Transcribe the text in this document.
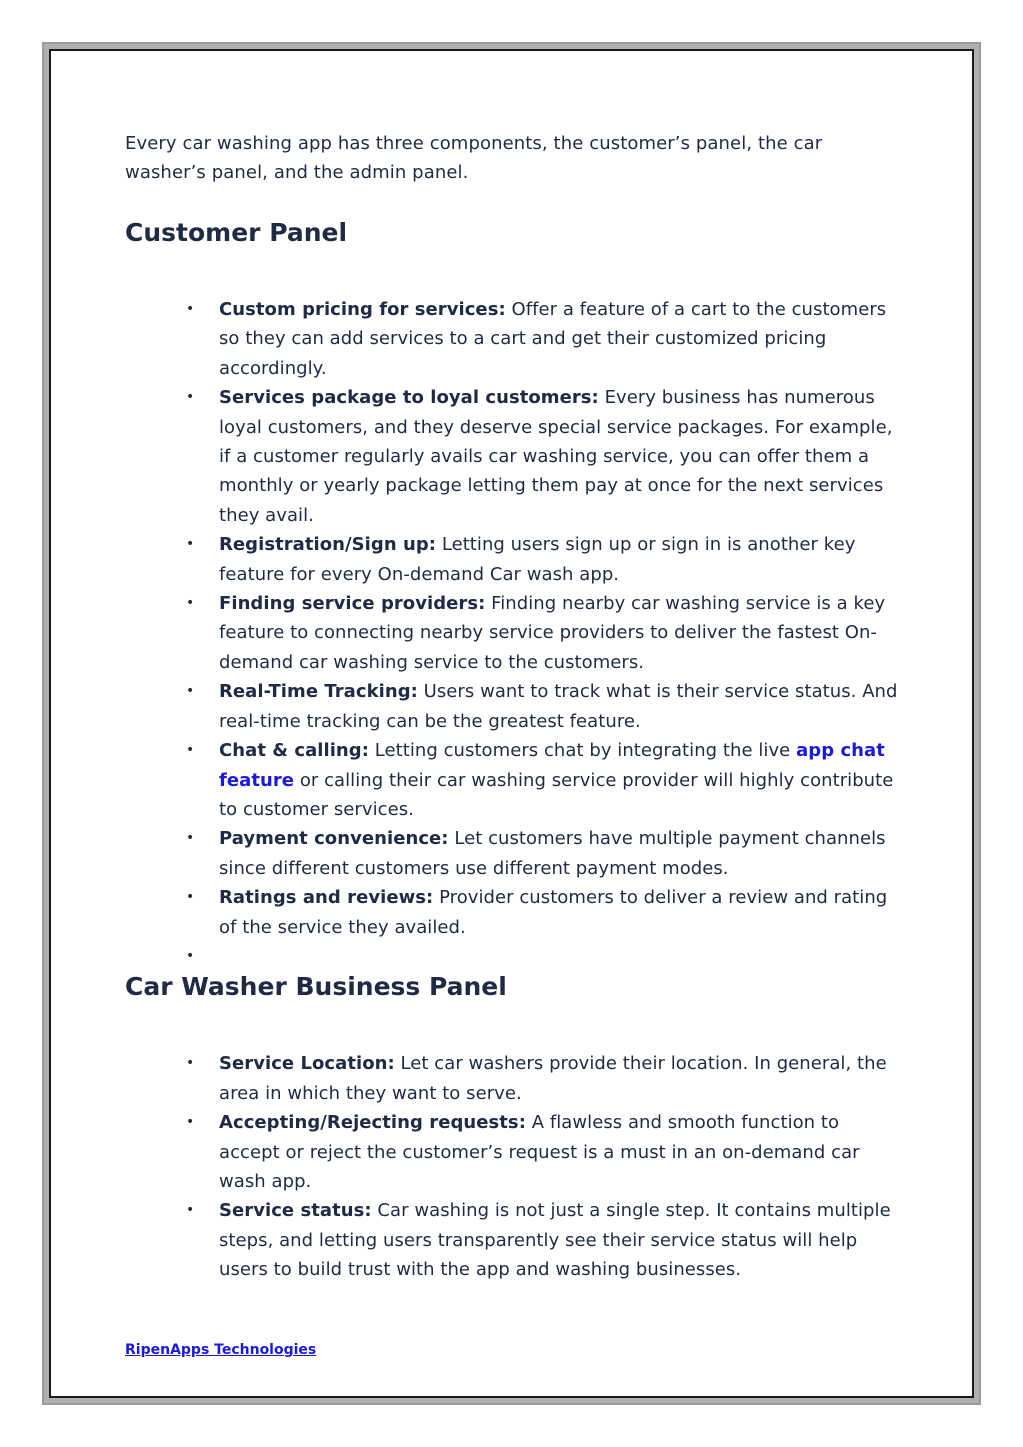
Every car washing app has three components, the customer’s panel, the car washer’s panel, and the admin panel.

Customer Panel
• Custom pricing for services: Offer a feature of a cart to the customers so they can add services to a cart and get their customized pricing accordingly.
• Services package to loyal customers: Every business has numerous loyal customers, and they deserve special service packages. For example, if a customer regularly avails car washing service, you can offer them a monthly or yearly package letting them pay at once for the next services they avail.
• Registration/Sign up: Letting users sign up or sign in is another key feature for every On-demand Car wash app.
• Finding service providers: Finding nearby car washing service is a key feature to connecting nearby service providers to deliver the fastest On-demand car washing service to the customers.
• Real-Time Tracking: Users want to track what is their service status. And real-time tracking can be the greatest feature.
• Chat & calling: Letting customers chat by integrating the live app chat feature or calling their car washing service provider will highly contribute to customer services.
• Payment convenience: Let customers have multiple payment channels since different customers use different payment modes.
• Ratings and reviews: Provider customers to deliver a review and rating of the service they availed.
•
Car Washer Business Panel
• Service Location: Let car washers provide their location. In general, the area in which they want to serve.
• Accepting/Rejecting requests: A flawless and smooth function to accept or reject the customer’s request is a must in an on-demand car wash app.
• Service status: Car washing is not just a single step. It contains multiple steps, and letting users transparently see their service status will help users to build trust with the app and washing businesses.
RipenApps Technologies
